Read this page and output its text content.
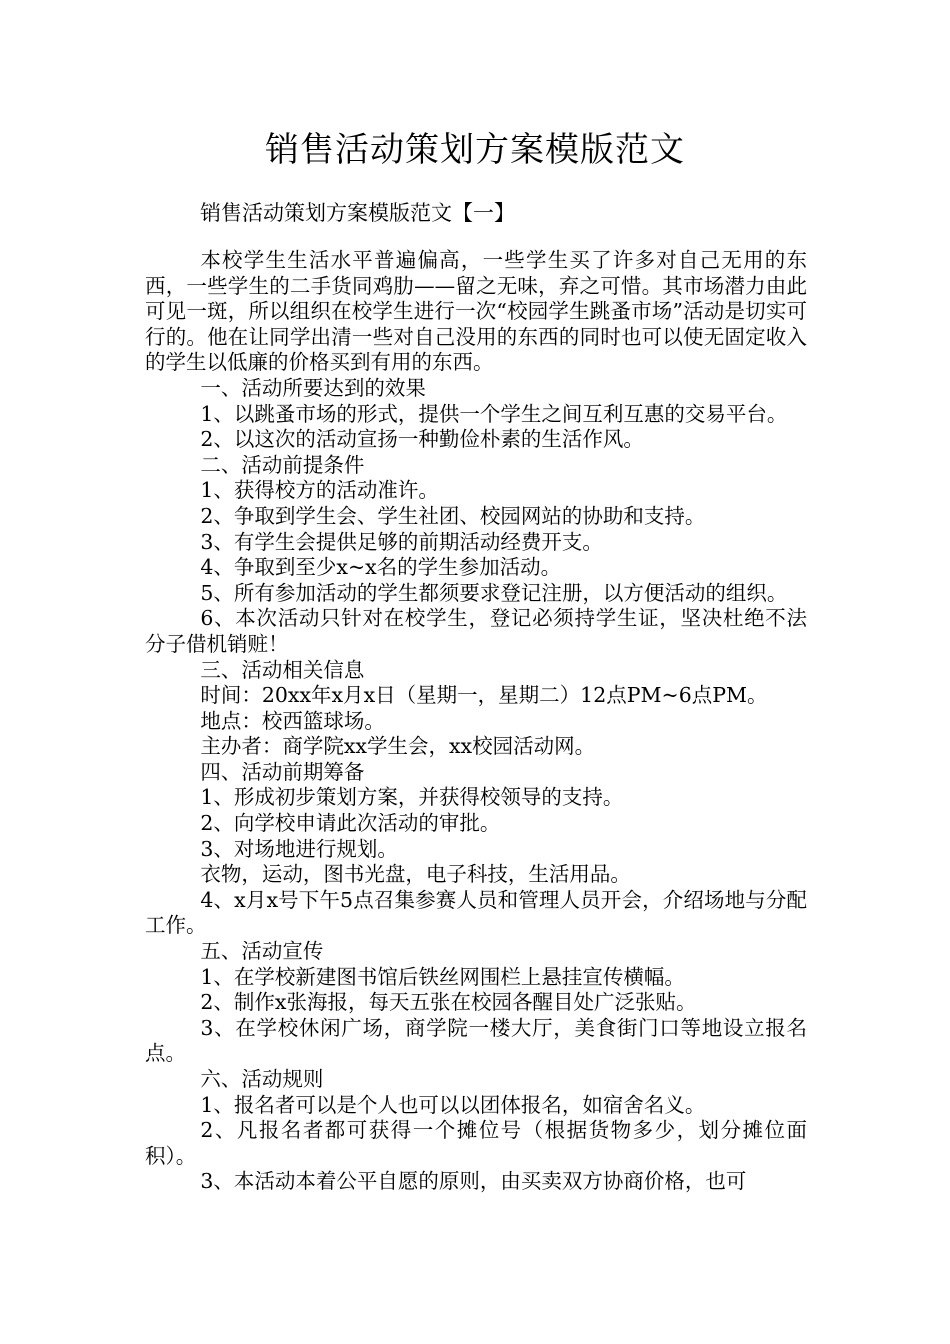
销售活动策划方案模版范文

销售活动策划方案模版范文【一】

本校学生生活水平普遍偏高，一些学生买了许多对自己无用的东西，一些学生的二手货同鸡肋——留之无味，弃之可惜。其市场潜力由此可见一斑，所以组织在校学生进行一次“校园学生跳蚤市场”活动是切实可行的。他在让同学出清一些对自己没用的东西的同时也可以使无固定收入的学生以低廉的价格买到有用的东西。

一、活动所要达到的效果

1、以跳蚤市场的形式，提供一个学生之间互利互惠的交易平台。

2、以这次的活动宣扬一种勤俭朴素的生活作风。

二、活动前提条件

1、获得校方的活动准许。

2、争取到学生会、学生社团、校园网站的协助和支持。

3、有学生会提供足够的前期活动经费开支。

4、争取到至少x~x名的学生参加活动。

5、所有参加活动的学生都须要求登记注册，以方便活动的组织。

6、本次活动只针对在校学生，登记必须持学生证，坚决杜绝不法分子借机销赃！

三、活动相关信息

时间：20xx年x月x日（星期一，星期二）12点PM~6点PM。

地点：校西篮球场。

主办者：商学院xx学生会，xx校园活动网。

四、活动前期筹备

1、形成初步策划方案，并获得校领导的支持。

2、向学校申请此次活动的审批。

3、对场地进行规划。

衣物，运动，图书光盘，电子科技，生活用品。

4、x月x号下午5点召集参赛人员和管理人员开会，介绍场地与分配工作。

五、活动宣传

1、在学校新建图书馆后铁丝网围栏上悬挂宣传横幅。

2、制作x张海报，每天五张在校园各醒目处广泛张贴。

3、在学校休闲广场，商学院一楼大厅，美食街门口等地设立报名点。

六、活动规则

1、报名者可以是个人也可以以团体报名，如宿舍名义。

2、凡报名者都可获得一个摊位号（根据货物多少，划分摊位面积）。

3、本活动本着公平自愿的原则，由买卖双方协商价格，也可
